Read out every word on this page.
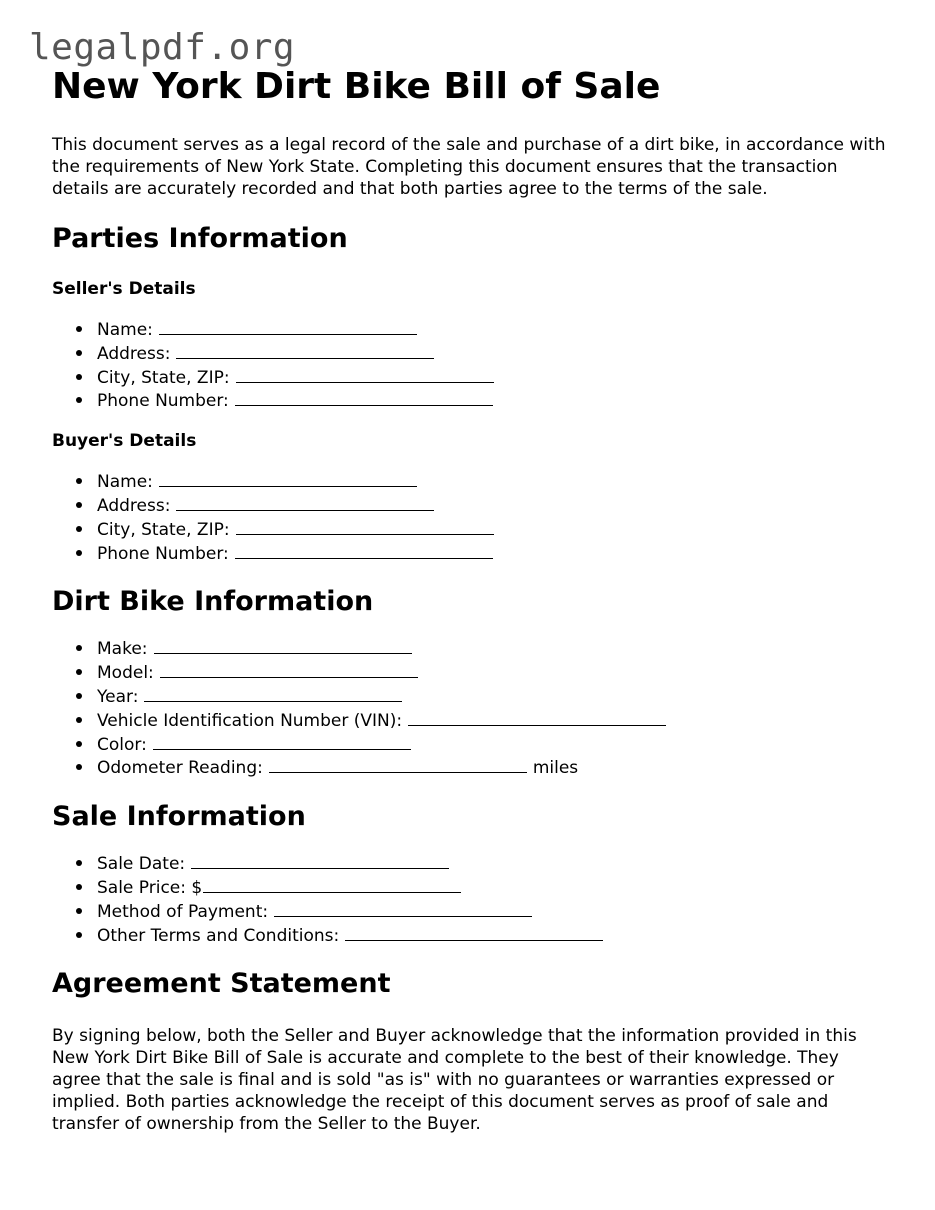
legalpdf.org
New York Dirt Bike Bill of Sale

This document serves as a legal record of the sale and purchase of a dirt bike, in accordance with the requirements of New York State. Completing this document ensures that the transaction details are accurately recorded and that both parties agree to the terms of the sale.

Parties Information
Seller's Details
Name:
Address:
City, State, ZIP:
Phone Number:
Buyer's Details
Name:
Address:
City, State, ZIP:
Phone Number:
Dirt Bike Information
Make:
Model:
Year:
Vehicle Identification Number (VIN):
Color:
Odometer Reading:	miles
Sale Information
Sale Date:
Sale Price: $
Method of Payment:
Other Terms and Conditions:
Agreement Statement

By signing below, both the Seller and Buyer acknowledge that the information provided in this New York Dirt Bike Bill of Sale is accurate and complete to the best of their knowledge. They agree that the sale is final and is sold "as is" with no guarantees or warranties expressed or implied. Both parties acknowledge the receipt of this document serves as proof of sale and transfer of ownership from the Seller to the Buyer.
